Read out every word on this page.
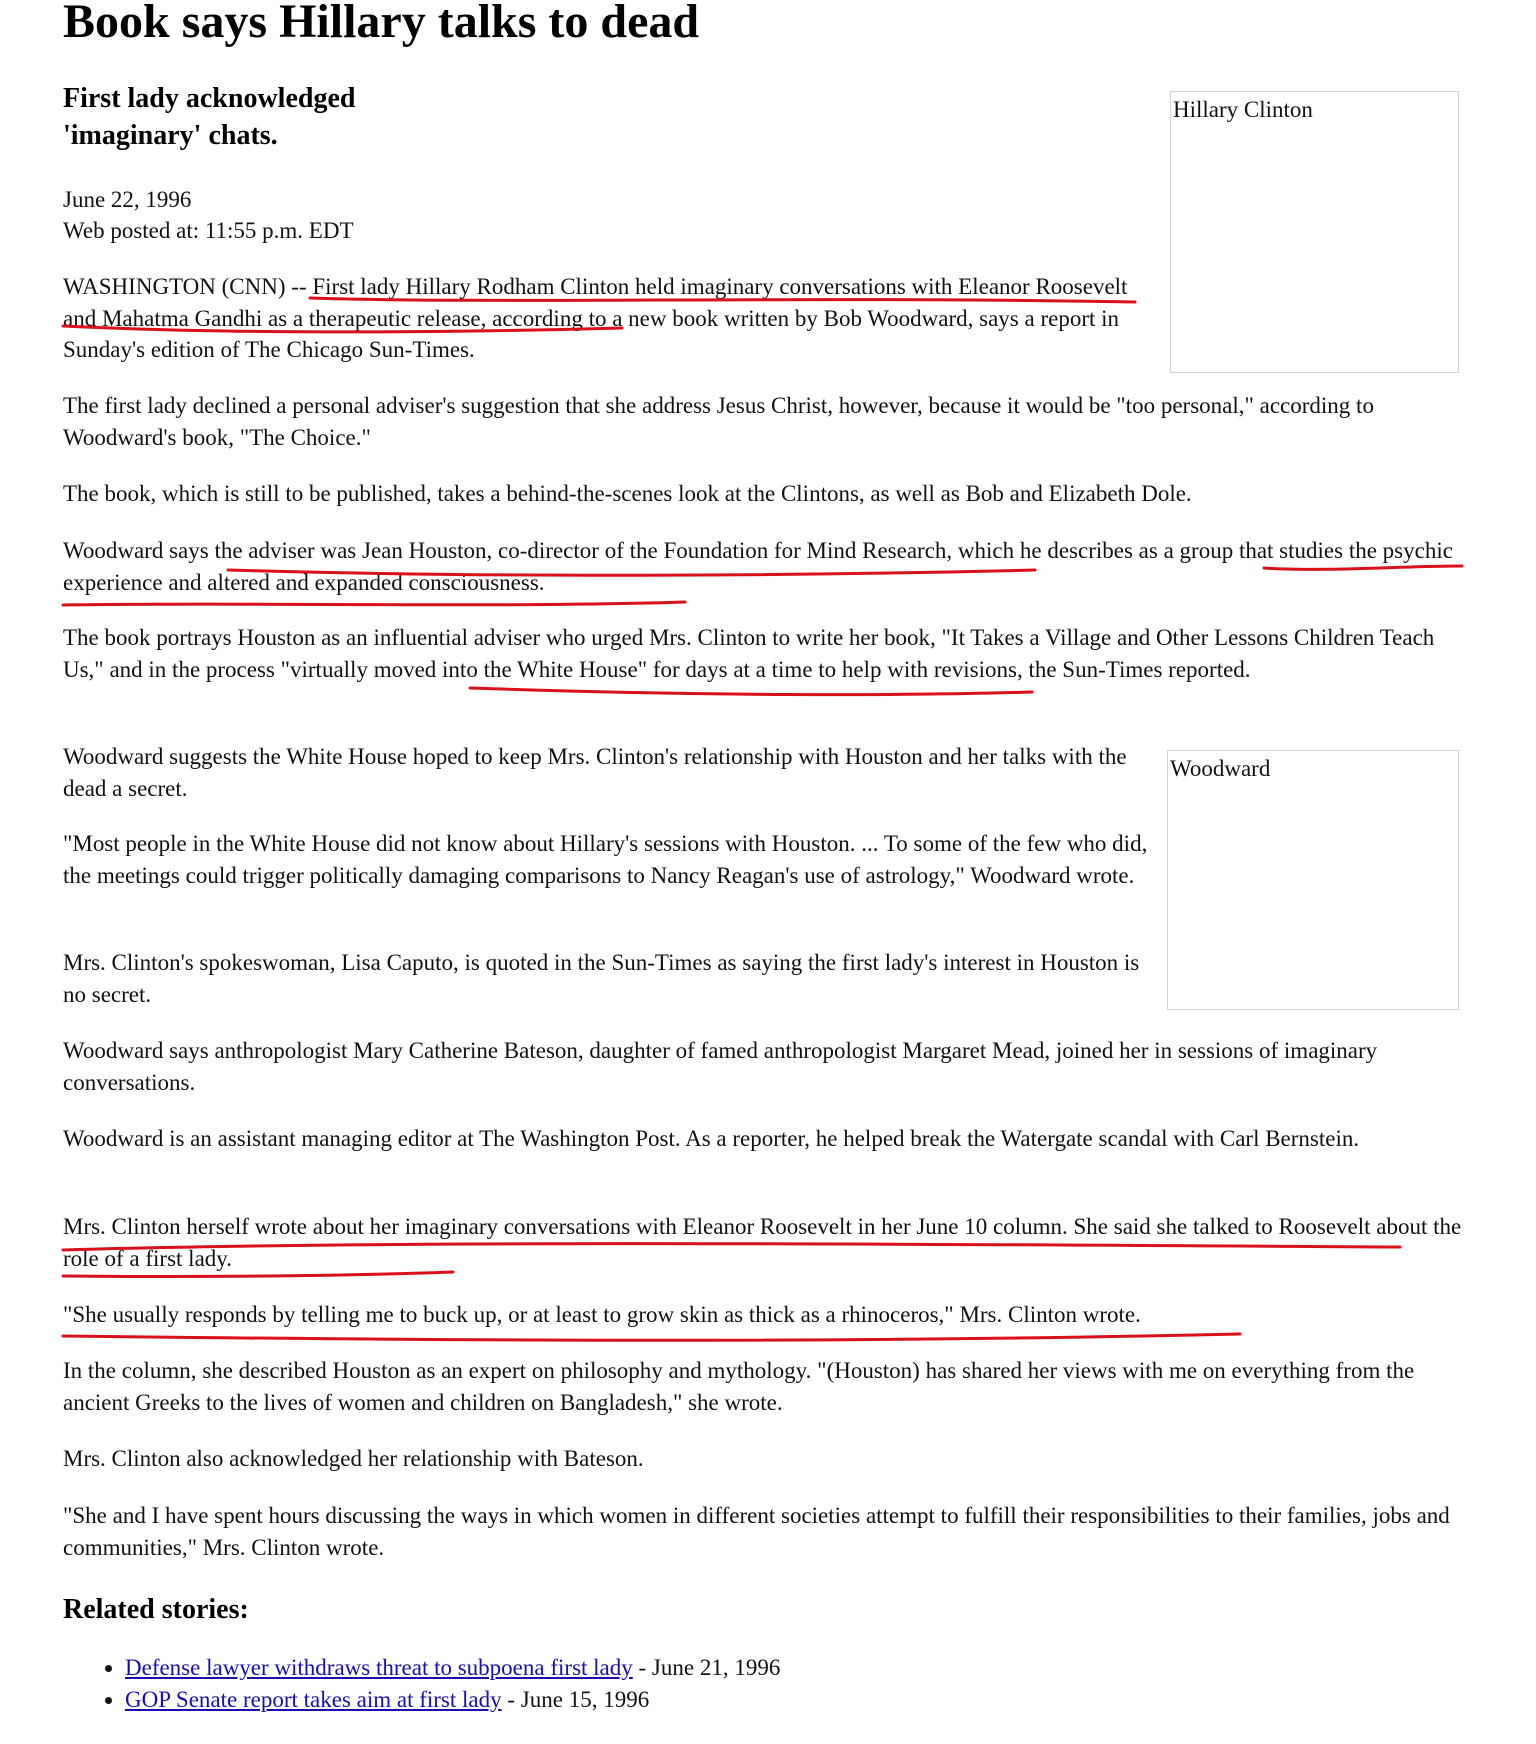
Book says Hillary talks to dead
First lady acknowledged 'imaginary' chats.
Hillary Clinton

June 22, 1996

Web posted at: 11:55 p.m. EDT

WASHINGTON (CNN) -- First lady Hillary Rodham Clinton held imaginary conversations with Eleanor Roosevelt and Mahatma Gandhi as a therapeutic release, according to a new book written by Bob Woodward, says a report in Sunday's edition of The Chicago Sun-Times.

The first lady declined a personal adviser's suggestion that she address Jesus Christ, however, because it would be "too personal," according to Woodward's book, "The Choice."

The book, which is still to be published, takes a behind-the-scenes look at the Clintons, as well as Bob and Elizabeth Dole.

Woodward says the adviser was Jean Houston, co-director of the Foundation for Mind Research, which he describes as a group that studies the psychic experience and altered and expanded consciousness.

The book portrays Houston as an influential adviser who urged Mrs. Clinton to write her book, "It Takes a Village and Other Lessons Children Teach Us," and in the process "virtually moved into the White House" for days at a time to help with revisions, the Sun-Times reported.

Woodward

Woodward suggests the White House hoped to keep Mrs. Clinton's relationship with Houston and her talks with the dead a secret.

"Most people in the White House did not know about Hillary's sessions with Houston. ... To some of the few who did, the meetings could trigger politically damaging comparisons to Nancy Reagan's use of astrology," Woodward wrote.

Mrs. Clinton's spokeswoman, Lisa Caputo, is quoted in the Sun-Times as saying the first lady's interest in Houston is no secret.

Woodward says anthropologist Mary Catherine Bateson, daughter of famed anthropologist Margaret Mead, joined her in sessions of imaginary conversations.

Woodward is an assistant managing editor at The Washington Post. As a reporter, he helped break the Watergate scandal with Carl Bernstein.

Mrs. Clinton herself wrote about her imaginary conversations with Eleanor Roosevelt in her June 10 column. She said she talked to Roosevelt about the role of a first lady.

"She usually responds by telling me to buck up, or at least to grow skin as thick as a rhinoceros," Mrs. Clinton wrote.

In the column, she described Houston as an expert on philosophy and mythology. "(Houston) has shared her views with me on everything from the ancient Greeks to the lives of women and children on Bangladesh," she wrote.

Mrs. Clinton also acknowledged her relationship with Bateson.

"She and I have spent hours discussing the ways in which women in different societies attempt to fulfill their responsibilities to their families, jobs and communities," Mrs. Clinton wrote.

Related stories:
• Defense lawyer withdraws threat to subpoena first lady - June 21, 1996
• GOP Senate report takes aim at first lady - June 15, 1996
